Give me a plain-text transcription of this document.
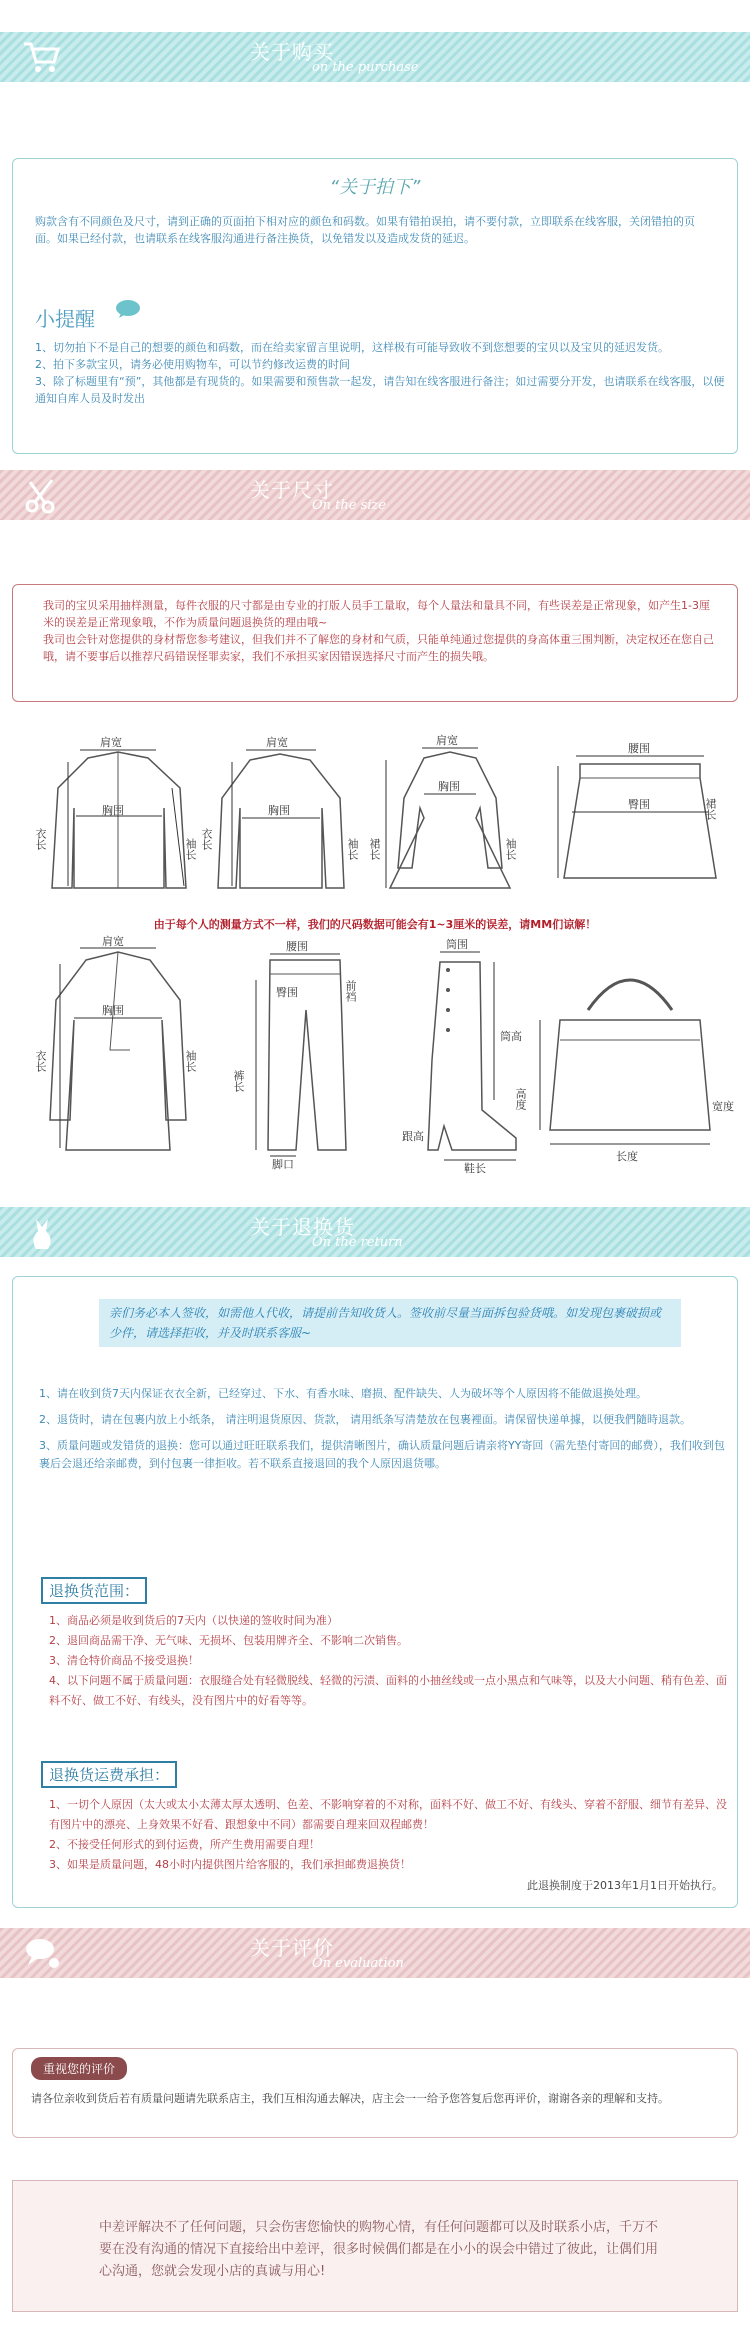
关于购买
on the purchase
“关于拍下”
购款含有不同颜色及尺寸，请到正确的页面拍下相对应的颜色和码数。如果有错拍误拍，请不要付款，立即联系在线客服，关闭错拍的页面。如果已经付款，也请联系在线客服沟通进行备注换货，以免错发以及造成发货的延迟。
小提醒
1、切勿拍下不是自己的想要的颜色和码数，而在给卖家留言里说明，这样极有可能导致收不到您想要的宝贝以及宝贝的延迟发货。
2、拍下多款宝贝，请务必使用购物车，可以节约修改运费的时间
3、除了标题里有“预”，其他都是有现货的。如果需要和预售款一起发，请告知在线客服进行备注；如过需要分开发，也请联系在线客服，以便通知自库人员及时发出
关于尺寸
On the size
我司的宝贝采用抽样测量，每件衣服的尺寸都是由专业的打版人员手工量取，每个人量法和量具不同，有些误差是正常现象，如产生1-3厘米的误差是正常现象哦，不作为质量问题退换货的理由哦~
我司也会针对您提供的身材帮您参考建议，但我们并不了解您的身材和气质，只能单纯通过您提供的身高体重三围判断，决定权还在您自己哦，请不要事后以推荐尺码错误怪罪卖家，我们不承担买家因错误选择尺寸而产生的损失哦。
肩宽
胸围
衣长	袖长
肩宽
胸围
衣长	袖长
肩宽
胸围
裙长	袖长
腰围
臀围	裙长
由于每个人的测量方式不一样，我们的尺码数据可能会有1~3厘米的误差，请MM们谅解！
肩宽
胸围
衣长	袖长
腰围
臀围	前裆
裤长
脚口
筒围
筒高
跟高
鞋长
高度	宽度
长度
关于退换货
On the return
亲们务必本人签收，如需他人代收，请提前告知收货人。签收前尽量当面拆包验货哦。如发现包裹破损或少件，请选择拒收，并及时联系客服~
1、请在收到货7天内保证衣衣全新，已经穿过、下水、有香水味、磨损、配件缺失、人为破坏等个人原因将不能做退换处理。
2、退货时，请在包裹内放上小纸条， 请注明退货原因、货款， 请用纸条写清楚放在包裹裡面。请保留快递单據，以便我們隨時退款。
3、质量问题或发错货的退换：您可以通过旺旺联系我们，提供清晰图片，确认质量问题后请亲将YY寄回（需先垫付寄回的邮费），我们收到包裹后会退还给亲邮费，到付包裹一律拒收。若不联系直接退回的我个人原因退货哪。
退换货范围：
1、商品必须是收到货后的7天内（以快递的签收时间为准）
2、退回商品需干净、无气味、无损坏、包装用牌齐全、不影响二次销售。
3、清仓特价商品不接受退换！
4、以下问题不属于质量问题：衣服缝合处有轻微脱线、轻微的污渍、面料的小抽丝线或一点小黑点和气味等，以及大小问题、稍有色差、面料不好、做工不好、有线头，没有图片中的好看等等。
退换货运费承担：
1、一切个人原因（太大或太小太薄太厚太透明、色差、不影响穿着的不对称，面料不好、做工不好、有线头、穿着不舒服、细节有差异、没有图片中的漂亮、上身效果不好看、跟想象中不同）都需要自理来回双程邮费！
2、不接受任何形式的到付运费，所产生费用需要自理！
3、如果是质量问题，48小时内提供图片给客服的，我们承担邮费退换货！
此退换制度于2013年1月1日开始执行。
关于评价
On evaluation
重视您的评价
请各位亲收到货后若有质量问题请先联系店主，我们互相沟通去解决，店主会一一给予您答复后您再评价，谢谢各亲的理解和支持。
中差评解决不了任何问题，只会伤害您愉快的购物心情，有任何问题都可以及时联系小店，千万不要在没有沟通的情况下直接给出中差评，很多时候偶们都是在小小的误会中错过了彼此，让偶们用心沟通，您就会发现小店的真诚与用心!
